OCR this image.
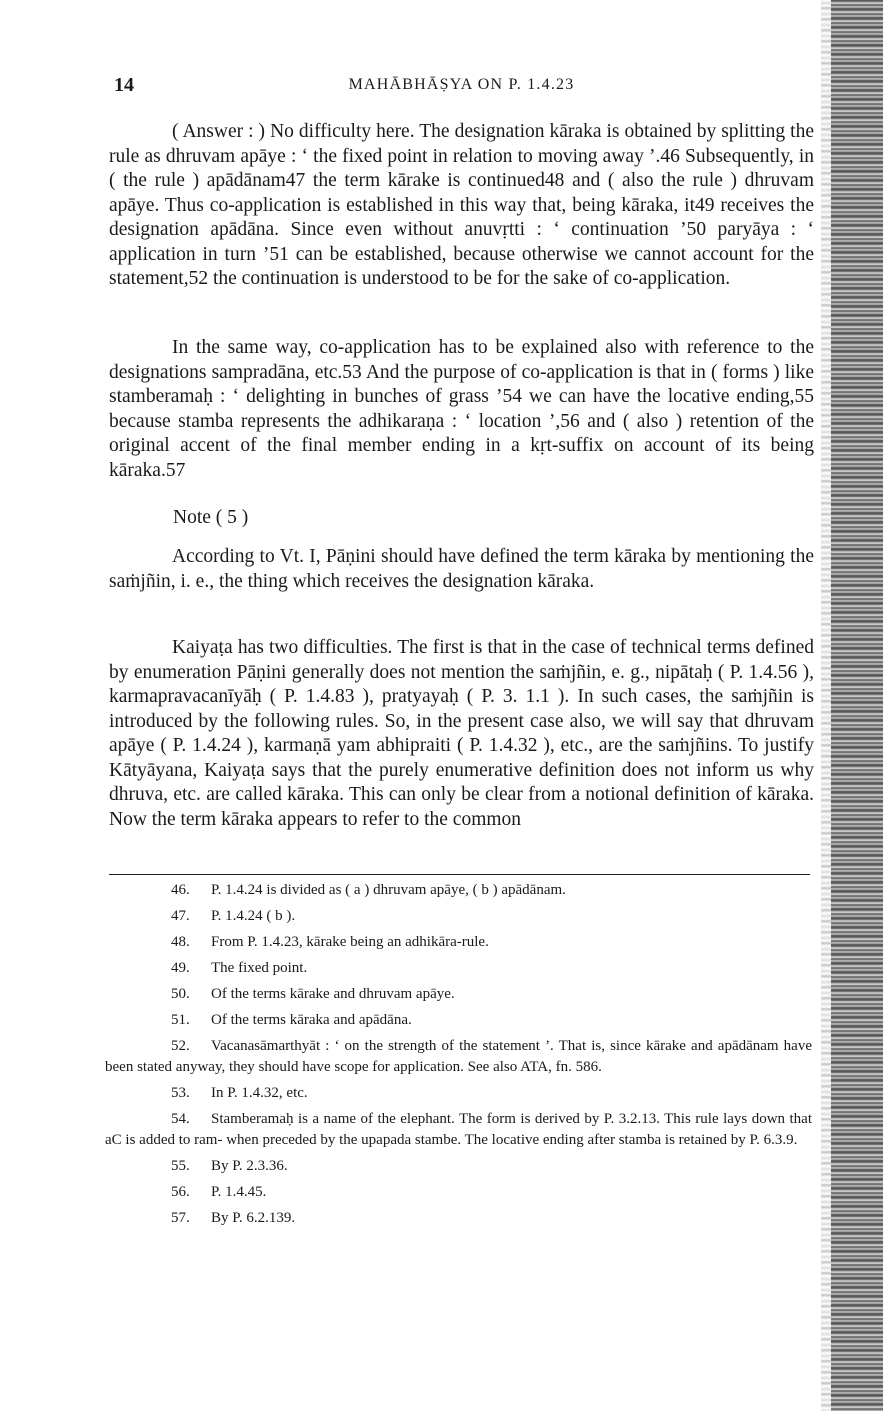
14	MAHĀBHĀṢYA ON P. 1.4.23

( Answer : ) No difficulty here. The designation kāraka is obtained by splitting the rule as dhruvam apāye : ‘ the fixed point in relation to moving away ’.46 Subsequently, in ( the rule ) apādānam47 the term kārake is continued48 and ( also the rule ) dhruvam apāye. Thus co-application is established in this way that, being kāraka, it49 receives the designation apādāna. Since even without anuvṛtti : ‘ continuation ’50 paryāya : ‘ application in turn ’51 can be established, because otherwise we cannot account for the statement,52 the continuation is understood to be for the sake of co-application.

In the same way, co-application has to be explained also with reference to the designations sampradāna, etc.53 And the purpose of co-application is that in ( forms ) like stamberamaḥ : ‘ delighting in bunches of grass ’54 we can have the locative ending,55 because stamba represents the adhikaraṇa : ‘ location ’,56 and ( also ) retention of the original accent of the final member ending in a kṛt-suffix on account of its being kāraka.57

Note ( 5 )

According to Vt. I, Pāṇini should have defined the term kāraka by mentioning the saṁjñin, i. e., the thing which receives the designation kāraka.

Kaiyaṭa has two difficulties. The first is that in the case of technical terms defined by enumeration Pāṇini generally does not mention the saṁjñin, e. g., nipātaḥ ( P. 1.4.56 ), karmapravacanīyāḥ ( P. 1.4.83 ), pratyayaḥ ( P. 3. 1.1 ). In such cases, the saṁjñin is introduced by the following rules. So, in the present case also, we will say that dhruvam apāye ( P. 1.4.24 ), karmaṇā yam abhipraiti ( P. 1.4.32 ), etc., are the saṁjñins. To justify Kātyāyana, Kaiyaṭa says that the purely enumerative definition does not inform us why dhruva, etc. are called kāraka. This can only be clear from a notional definition of kāraka. Now the term kāraka appears to refer to the common

46. P. 1.4.24 is divided as ( a ) dhruvam apāye, ( b ) apādānam.

47. P. 1.4.24 ( b ).

48. From P. 1.4.23, kārake being an adhikāra-rule.

49. The fixed point.

50. Of the terms kārake and dhruvam apāye.

51. Of the terms kāraka and apādāna.

52. Vacanasāmarthyāt : ‘ on the strength of the statement ’. That is, since kārake and apādānam have been stated anyway, they should have scope for application. See also ATA, fn. 586.

53. In P. 1.4.32, etc.

54. Stamberamaḥ is a name of the elephant. The form is derived by P. 3.2.13. This rule lays down that aC is added to ram- when preceded by the upapada stambe. The locative ending after stamba is retained by P. 6.3.9.

55. By P. 2.3.36.

56. P. 1.4.45.

57. By P. 6.2.139.
